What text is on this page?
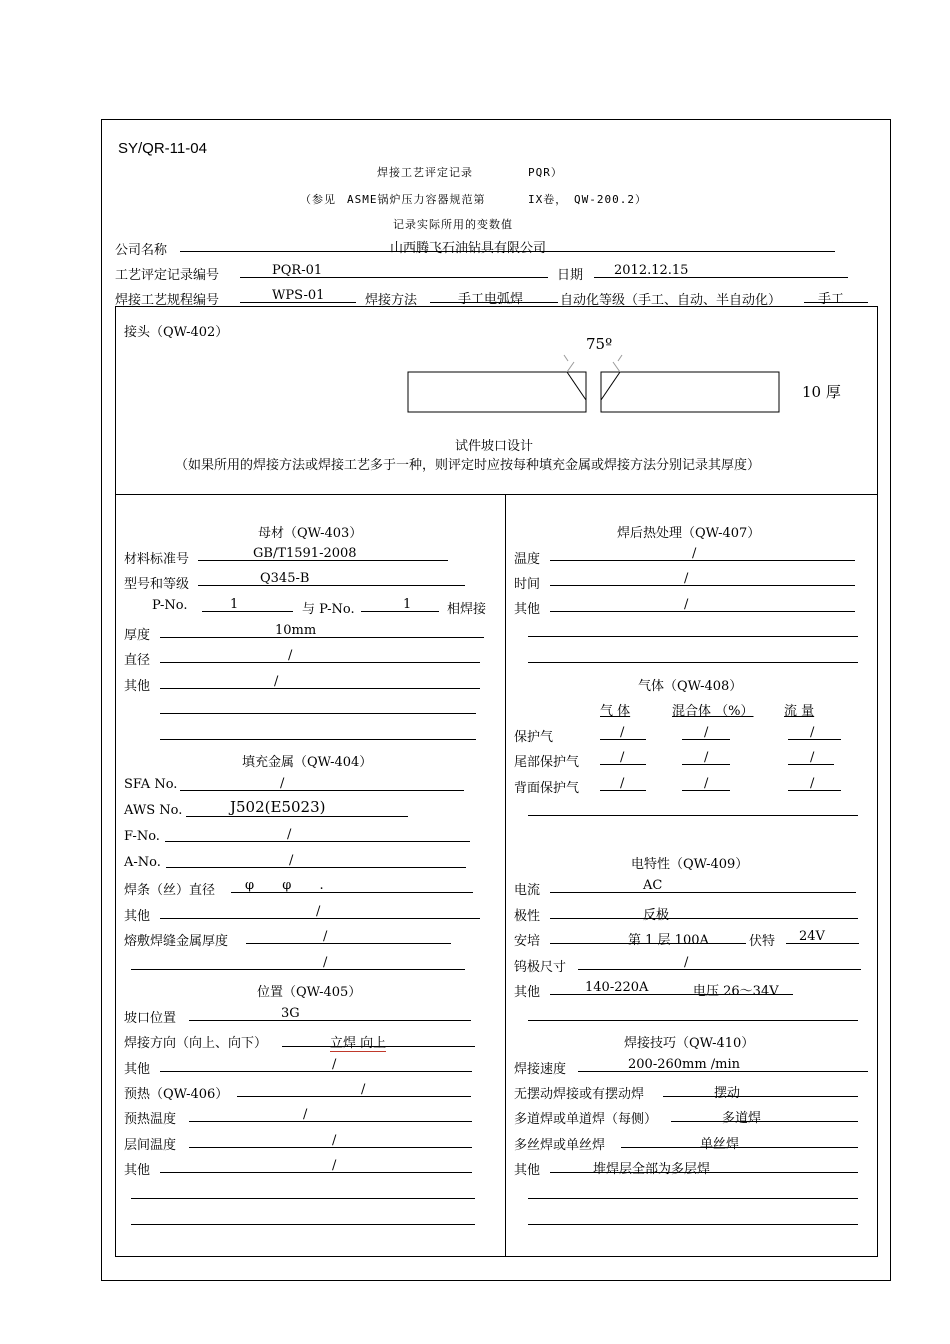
SY/QR-11-04
焊接工艺评定记录	PQR）
（参见 ASME锅炉压力容器规范第	IX卷， QW-200.2）
记录实际所用的变数值
公司名称	山西腾飞石油钻具有限公司
工艺评定记录编号	PQR-01	日期 2012.12.15
焊接工艺规程编号	WPS-01	焊接方法	手工电弧焊	自动化等级（手工、自动、半自动化）	手工
接头（QW-402）
75º
10 厚
试件坡口设计
（如果所用的焊接方法或焊接工艺多于一种，则评定时应按每种填充金属或焊接方法分别记录其厚度）
母材（QW-403）
材料标准号	GB/T1591-2008
型号和等级	Q345-B
P-No.	1	与 P-No.	1	相焊接
厚度	10mm
直径	/
其他	/
填充金属（QW-404）
SFA No.	/
AWS No.	J502(E5023)
F-No.	/
A-No.	/
焊条（丝）直径 φ φ .
其他	/
熔敷焊缝金属厚度	/
/
位置（QW-405）
坡口位置	3G
焊接方向（向上、向下）	立焊 向上
其他	/
预热（QW-406）	/
预热温度	/
层间温度	/
其他	/
焊后热处理（QW-407）
温度	/
时间	/
其他	/
气体（QW-408）
气 体	混合体 （%） 流 量
保护气	/	/	/
尾部保护气	/	/	/
背面保护气	/	/	/
电特性（QW-409）
电流	AC
极性	反极
安培	第 1 层 100A	伏特 24V
钨极尺寸	/
其他	140-220A	电压 26～34V
焊接技巧（QW-410）
焊接速度	200-260mm /min
无摆动焊接或有摆动焊	摆动
多道焊或单道焊（每侧）	多道焊
多丝焊或单丝焊	单丝焊
其他	堆焊层全部为多层焊
